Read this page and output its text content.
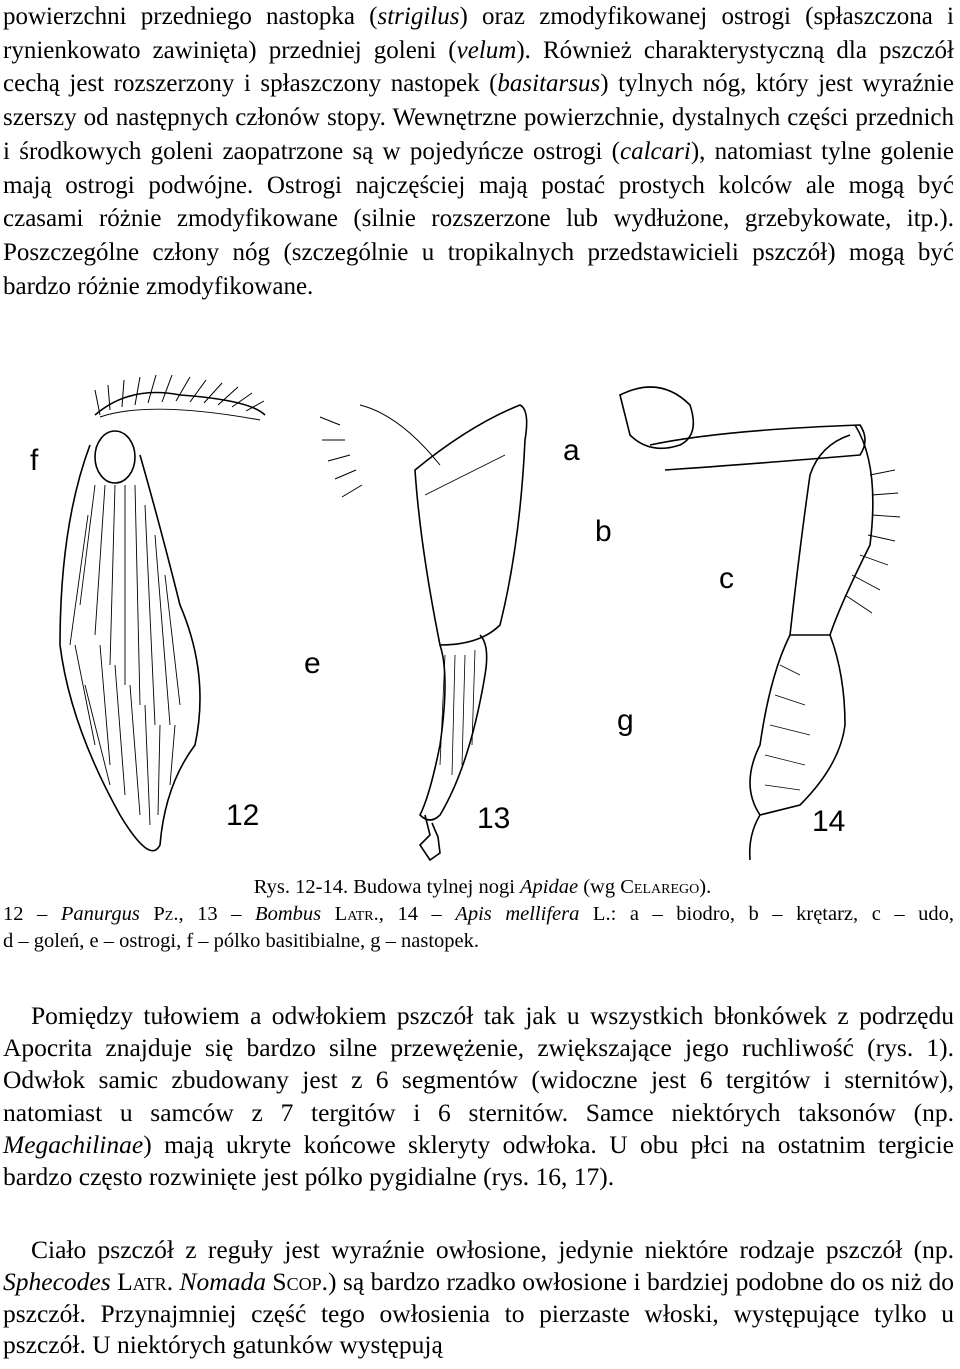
powierzchni przedniego nastopka (strigilus) oraz zmodyfikowanej ostrogi (spłaszczona i rynienkowato zawinięta) przedniej goleni (velum). Również charakterystyczną dla pszczół cechą jest rozszerzony i spłaszczony nastopek (basitarsus) tylnych nóg, który jest wyraźnie szerszy od następnych członów stopy. Wewnętrzne powierzchnie, dystalnych części przednich i środkowych goleni zaopatrzone są w pojedyńcze ostrogi (calcari), natomiast tylne golenie mają ostrogi podwójne. Ostrogi najczęściej mają postać prostych kolców ale mogą być czasami różnie zmodyfikowane (silnie rozszerzone lub wydłużone, grzebykowate, itp.). Poszczególne człony nóg (szczególnie u tropikalnych przedstawicieli pszczół) mogą być bardzo różnie zmodyfikowane.

f	a
b
c
e
g
12	13	14
Rys. 12-14. Budowa tylnej nogi Apidae (wg Celarego).
12 – Panurgus Pz., 13 – Bombus Latr., 14 – Apis mellifera L.: a – biodro, b – krętarz, c – udo,
d – goleń, e – ostrogi, f – pólko basitibialne, g – nastopek.

Pomiędzy tułowiem a odwłokiem pszczół tak jak u wszystkich błonkówek z podrzędu Apocrita znajduje się bardzo silne przewężenie, zwiększające jego ruchliwość (rys. 1). Odwłok samic zbudowany jest z 6 segmentów (widoczne jest 6 tergitów i sternitów), natomiast u samców z 7 tergitów i 6 sternitów. Samce niektórych taksonów (np. Megachilinae) mają ukryte końcowe skleryty odwłoka. U obu płci na ostatnim tergicie bardzo często rozwinięte jest pólko pygidialne (rys. 16, 17).

Ciało pszczół z reguły jest wyraźnie owłosione, jedynie niektóre rodzaje pszczół (np. Sphecodes Latr. Nomada Scop.) są bardzo rzadko owłosione i bardziej podobne do os niż do pszczół. Przynajmniej część tego owłosienia to pierzaste włoski, występujące tylko u pszczół. U niektórych gatunków występują
